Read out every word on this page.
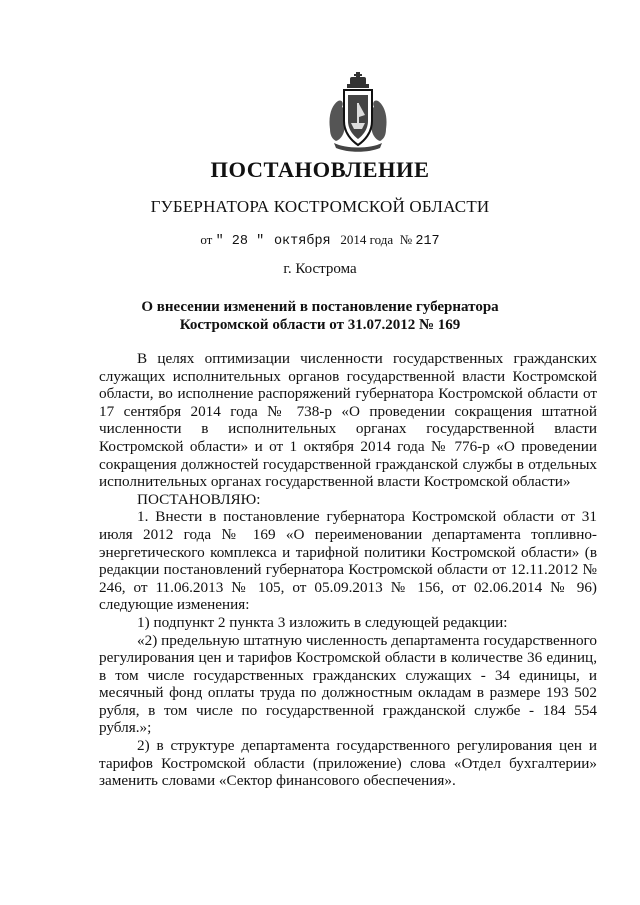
ПОСТАНОВЛЕНИЕ
ГУБЕРНАТОРА КОСТРОМСКОЙ ОБЛАСТИ
от " 28 " октября 2014 года № 217
г. Кострома
О внесении изменений в постановление губернатора
Костромской области от 31.07.2012 № 169

В целях оптимизации численности государственных гражданских служащих исполнительных органов государственной власти Костромской области, во исполнение распоряжений губернатора Костромской области от 17 сентября 2014 года № 738-р «О проведении сокращения штатной численности в исполнительных органах государственной власти Костромской области» и от 1 октября 2014 года № 776-р «О проведении сокращения должностей государственной гражданской службы в отдельных исполнительных органах государственной власти Костромской области»

ПОСТАНОВЛЯЮ:

1. Внести в постановление губернатора Костромской области от 31 июля 2012 года № 169 «О переименовании департамента топливно-энергетического комплекса и тарифной политики Костромской области» (в редакции постановлений губернатора Костромской области от 12.11.2012 № 246, от 11.06.2013 № 105, от 05.09.2013 № 156, от 02.06.2014 № 96) следующие изменения:

1) подпункт 2 пункта 3 изложить в следующей редакции:

«2) предельную штатную численность департамента государственного регулирования цен и тарифов Костромской области в количестве 36 единиц, в том числе государственных гражданских служащих - 34 единицы, и месячный фонд оплаты труда по должностным окладам в размере 193 502 рубля, в том числе по государственной гражданской службе - 184 554 рубля.»;

2) в структуре департамента государственного регулирования цен и тарифов Костромской области (приложение) слова «Отдел бухгалтерии» заменить словами «Сектор финансового обеспечения».
